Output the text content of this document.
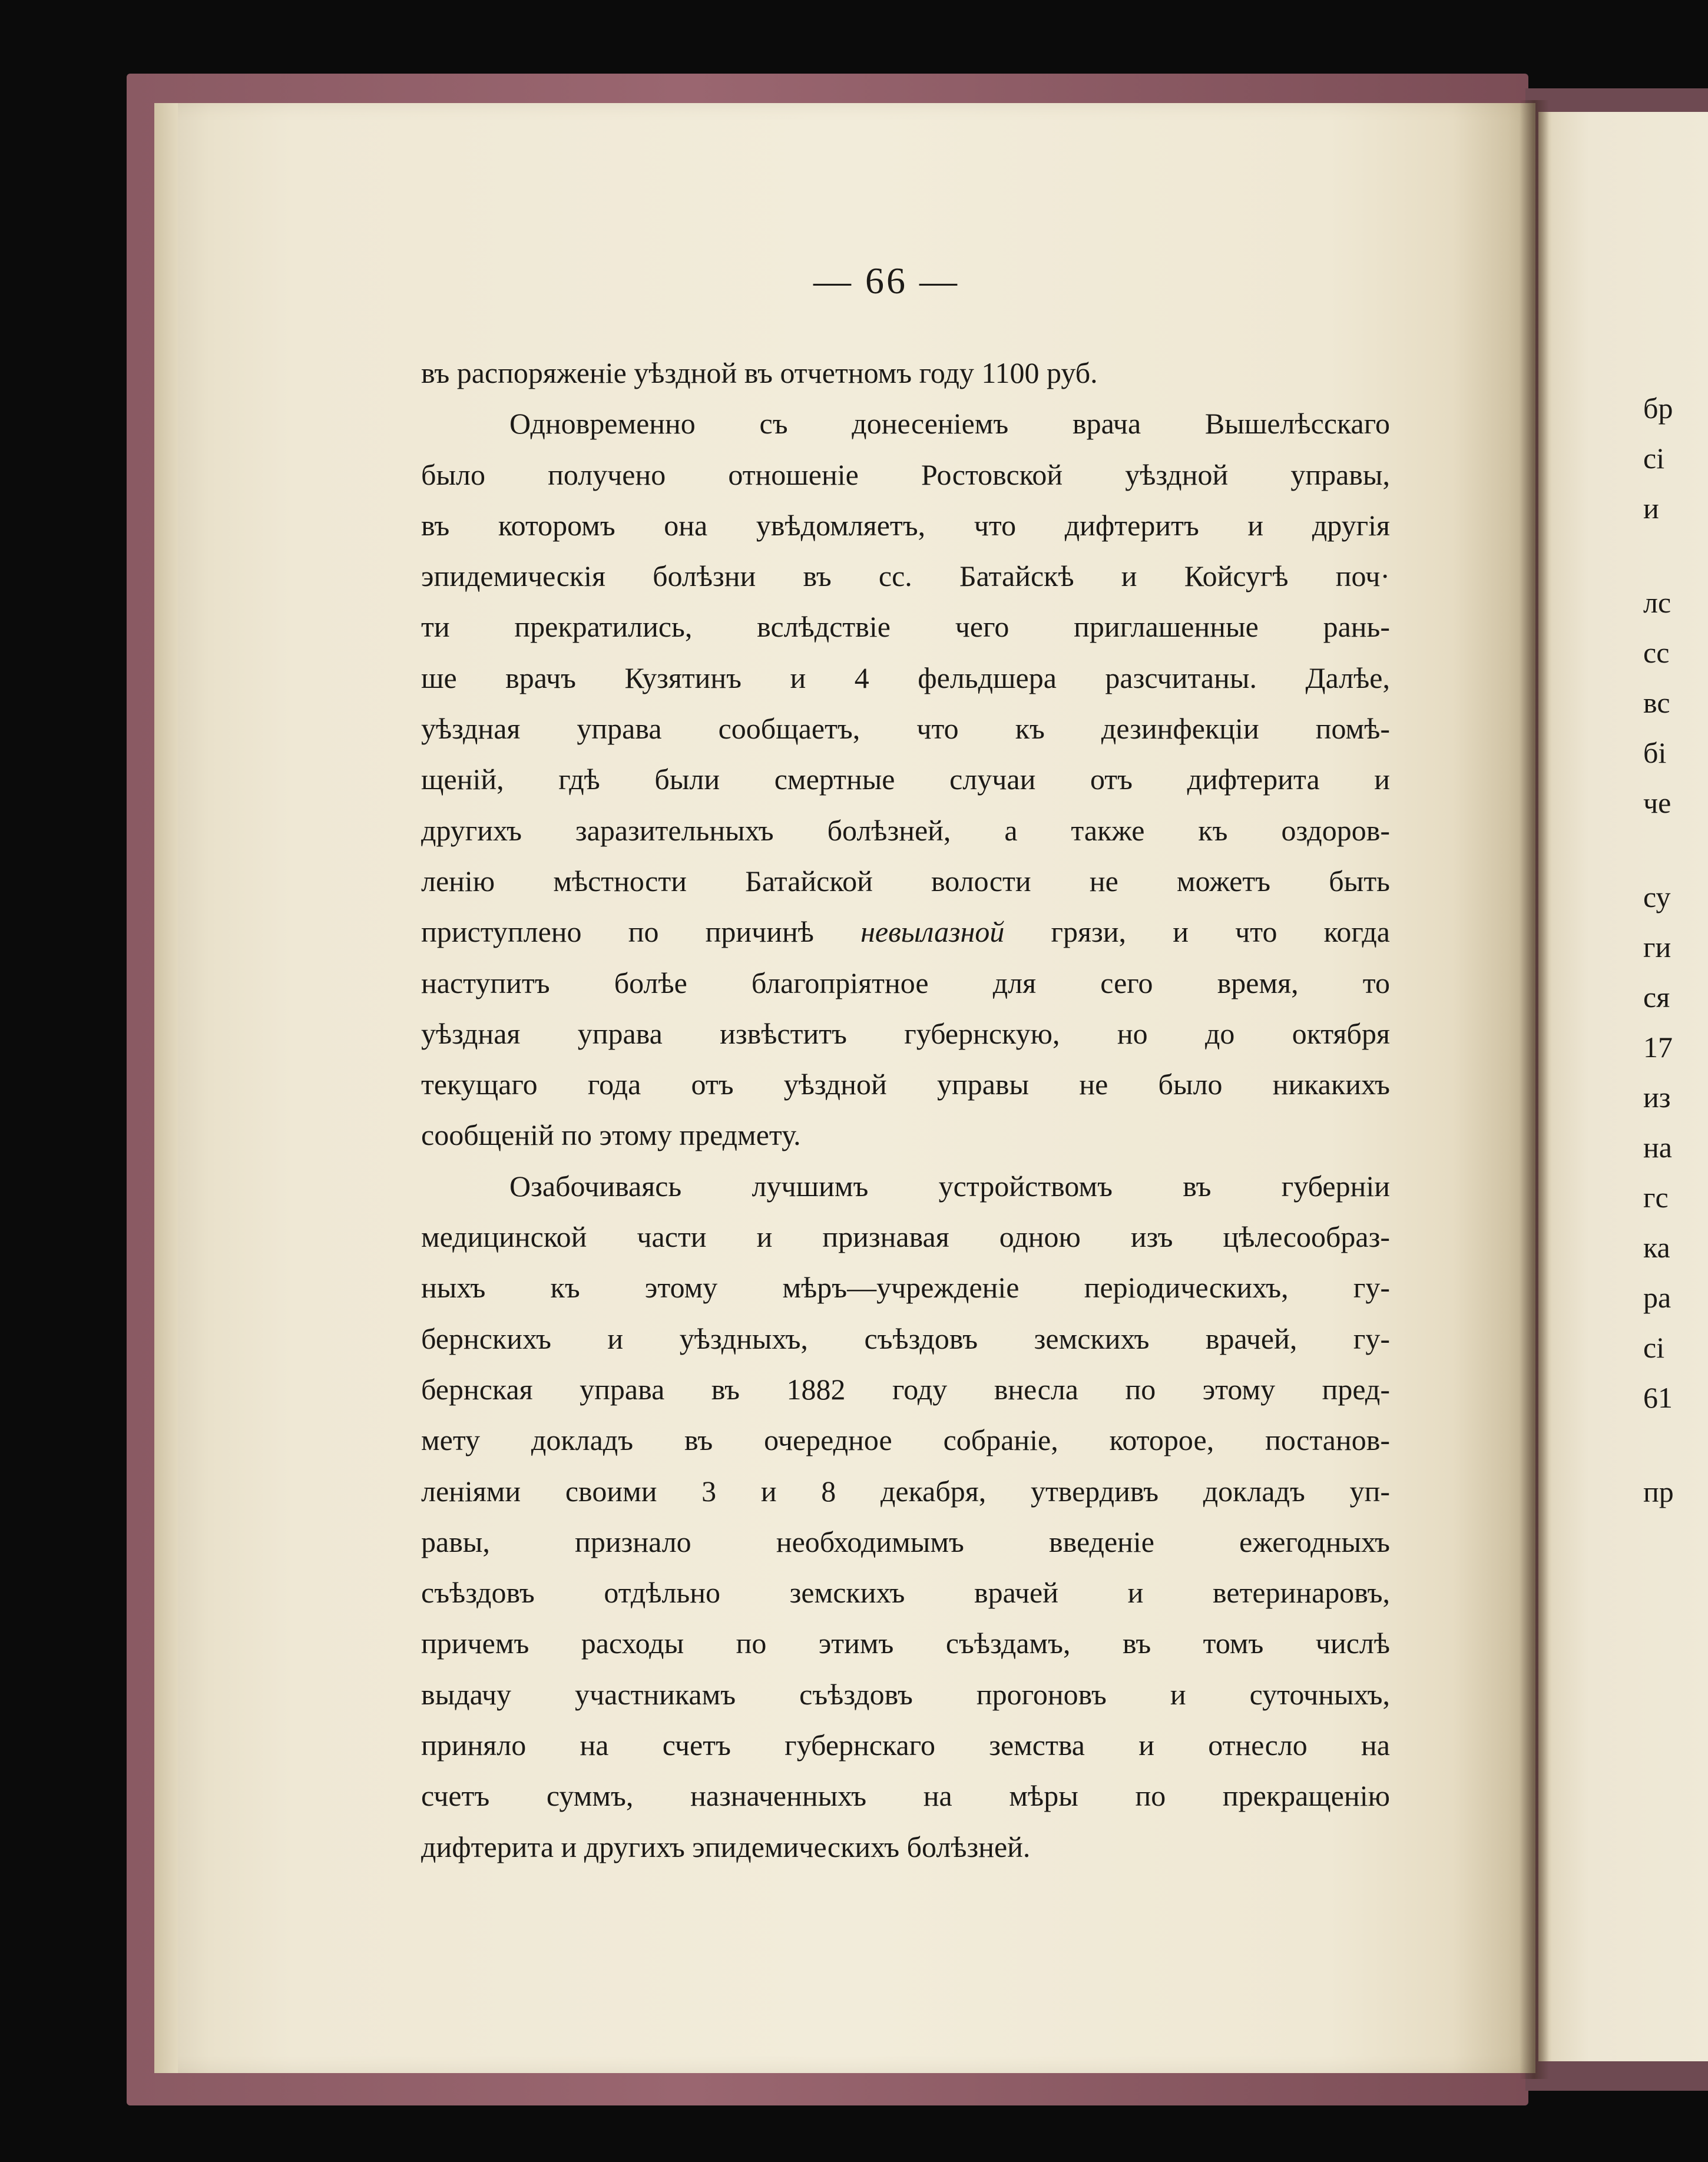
— 66 —
въ распоряженіе уѣздной въ отчетномъ году 1100 руб.
Одновременно съ донесеніемъ врача Вышелѣсскаго
было получено отношеніе Ростовской уѣздной управы,
въ которомъ она увѣдомляетъ, что дифтеритъ и другія
эпидемическія болѣзни въ сс. Батайскѣ и Койсугѣ поч·
ти прекратились, вслѣдствіе чего приглашенные рань-
ше врачъ Кузятинъ и 4 фельдшера разсчитаны. Далѣе,
уѣздная управа сообщаетъ, что къ дезинфекціи помѣ-
щеній, гдѣ были смертные случаи отъ дифтерита и
другихъ заразительныхъ болѣзней, а также къ оздоров-
ленію мѣстности Батайской волости не можетъ быть
приступлено по причинѣ невылазной грязи, и что когда
наступитъ болѣе благопріятное для сего время, то
уѣздная управа извѣститъ губернскую, но до октября
текущаго года отъ уѣздной управы не было никакихъ
сообщеній по этому предмету.
Озабочиваясь лучшимъ устройствомъ въ губерніи
медицинской части и признавая одною изъ цѣлесообраз-
ныхъ къ этому мѣръ—учрежденіе періодическихъ, гу-
бернскихъ и уѣздныхъ, съѣздовъ земскихъ врачей, гу-
бернская управа въ 1882 году внесла по этому пред-
мету докладъ въ очередное собраніе, которое, постанов-
леніями своими 3 и 8 декабря, утвердивъ докладъ уп-
равы, признало необходимымъ введеніе ежегодныхъ
съѣздовъ отдѣльно земскихъ врачей и ветеринаровъ,
причемъ расходы по этимъ съѣздамъ, въ томъ числѣ
выдачу участникамъ съѣздовъ прогоновъ и суточныхъ,
приняло на счетъ губернскаго земства и отнесло на
счетъ суммъ, назначенныхъ на мѣры по прекращенію
дифтерита и другихъ эпидемическихъ болѣзней.
бр
сі
и
лс
сс
вс
бі
че
су
ги
ся
17
из
на
гс
ка
ра
сі
61
пр
